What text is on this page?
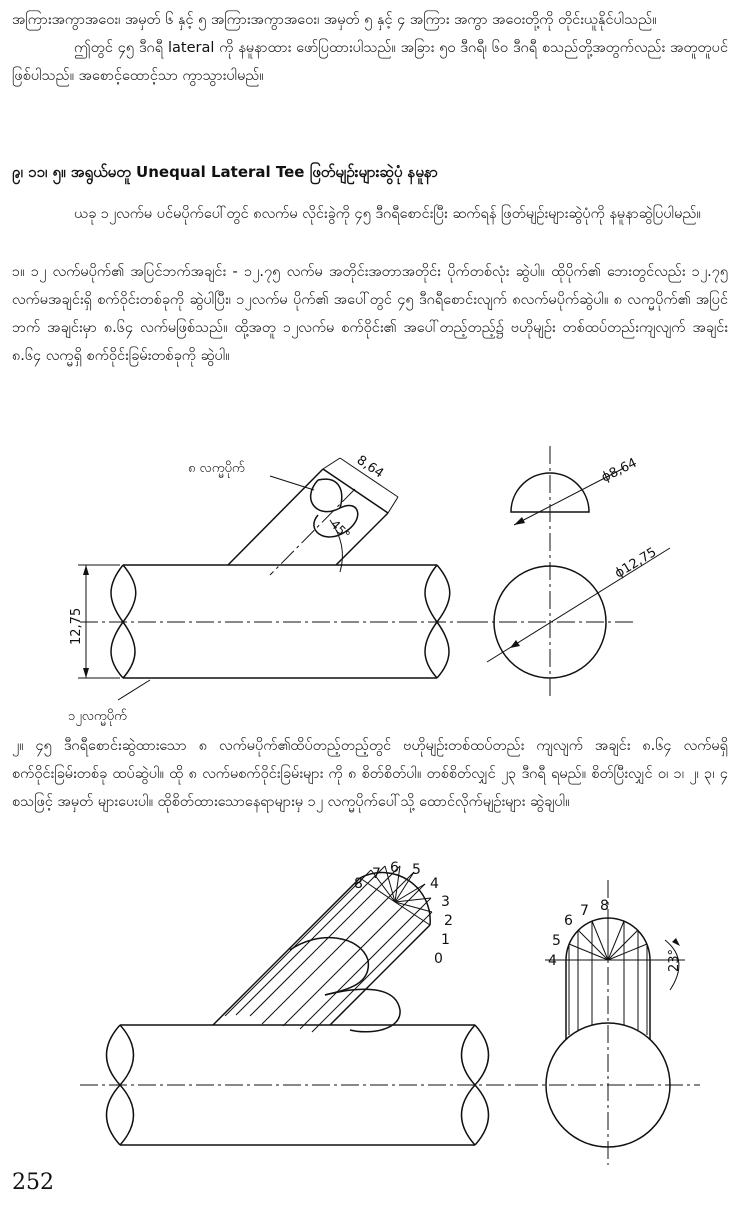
အကြားအကွာအဝေး၊ အမှတ် ၆ နှင့် ၅ အကြားအကွာအဝေး၊ အမှတ် ၅ နှင့် ၄ အကြား အကွာ အဝေးတို့ကို တိုင်းယူနိုင်ပါသည်။

ဤတွင် ၄၅ ဒီဂရီ lateral ကို နမူနာထား ဖော်ပြထားပါသည်။ အခြား ၅၀ ဒီဂရီ၊ ၆၀ ဒီဂရီ စသည်တို့အတွက်လည်း အတူတူပင်ဖြစ်ပါသည်။ အစောင့်ထောင့်သာ ကွာသွားပါမည်။

၉၊ ၁၁၊ ၅။ အရွယ်မတူ Unequal Lateral Tee ဖြတ်မျဉ်းများဆွဲပုံ နမူနာ

ယခု ၁၂လက်မ ပင်မပိုက်ပေါ်တွင် ၈လက်မ လိုင်းခွဲကို ၄၅ ဒီဂရီစောင်းပြီး ဆက်ရန် ဖြတ်မျဉ်းများဆွဲပုံကို နမူနာဆွဲပြပါမည်။

၁။ ၁၂ လက်မပိုက်၏ အပြင်ဘက်အချင်း - ၁၂.၇၅ လက်မ အတိုင်းအတာအတိုင်း ပိုက်တစ်လုံး ဆွဲပါ။ ထိုပိုက်၏ ဘေးတွင်လည်း ၁၂.၇၅ လက်မအချင်းရှိ စက်ဝိုင်းတစ်ခုကို ဆွဲပါပြီး၊ ၁၂လက်မ ပိုက်၏ အပေါ်တွင် ၄၅ ဒီဂရီစောင်းလျက် ၈လက်မပိုက်ဆွဲပါ။ ၈ လက္မပိုက်၏ အပြင်ဘက် အချင်းမှာ ၈.၆၄ လက်မဖြစ်သည်။ ထို့အတူ ၁၂လက်မ စက်ဝိုင်း၏ အပေါ်တည့်တည့်၌ ဗဟိုမျဉ်း တစ်ထပ်တည်းကျလျက် အချင်း ၈.၆၄ လက္မရှိ စက်ဝိုင်းခြမ်းတစ်ခုကို ဆွဲပါ။

12,75
8,64
45°
၈ လက္မပိုက်
၁၂လက္မပိုက်
ϕ8,64
ϕ12,75

၂။ ၄၅ ဒီဂရီစောင်းဆွဲထားသော ၈ လက်မပိုက်၏ထိပ်တည့်တည့်တွင် ဗဟိုမျဉ်းတစ်ထပ်တည်း ကျလျက် အချင်း ၈.၆၄ လက်မရှိ စက်ဝိုင်းခြမ်းတစ်ခု ထပ်ဆွဲပါ။ ထို ၈ လက်မစက်ဝိုင်းခြမ်းများ ကို ၈ စိတ်စိတ်ပါ။ တစ်စိတ်လျှင် ၂၃ ဒီဂရီ ရမည်။ စိတ်ပြီးလျှင် ၀၊ ၁၊ ၂၊ ၃၊ ၄ စသဖြင့် အမှတ် များပေးပါ။ ထိုစိတ်ထားသောနေရာများမှ ၁၂ လက္မပိုက်ပေါ်သို့ ထောင်လိုက်မျဉ်းများ ဆွဲချပါ။

8
7 6 5
4
3
2
1
0	4
5
6
7 8
23°
252
